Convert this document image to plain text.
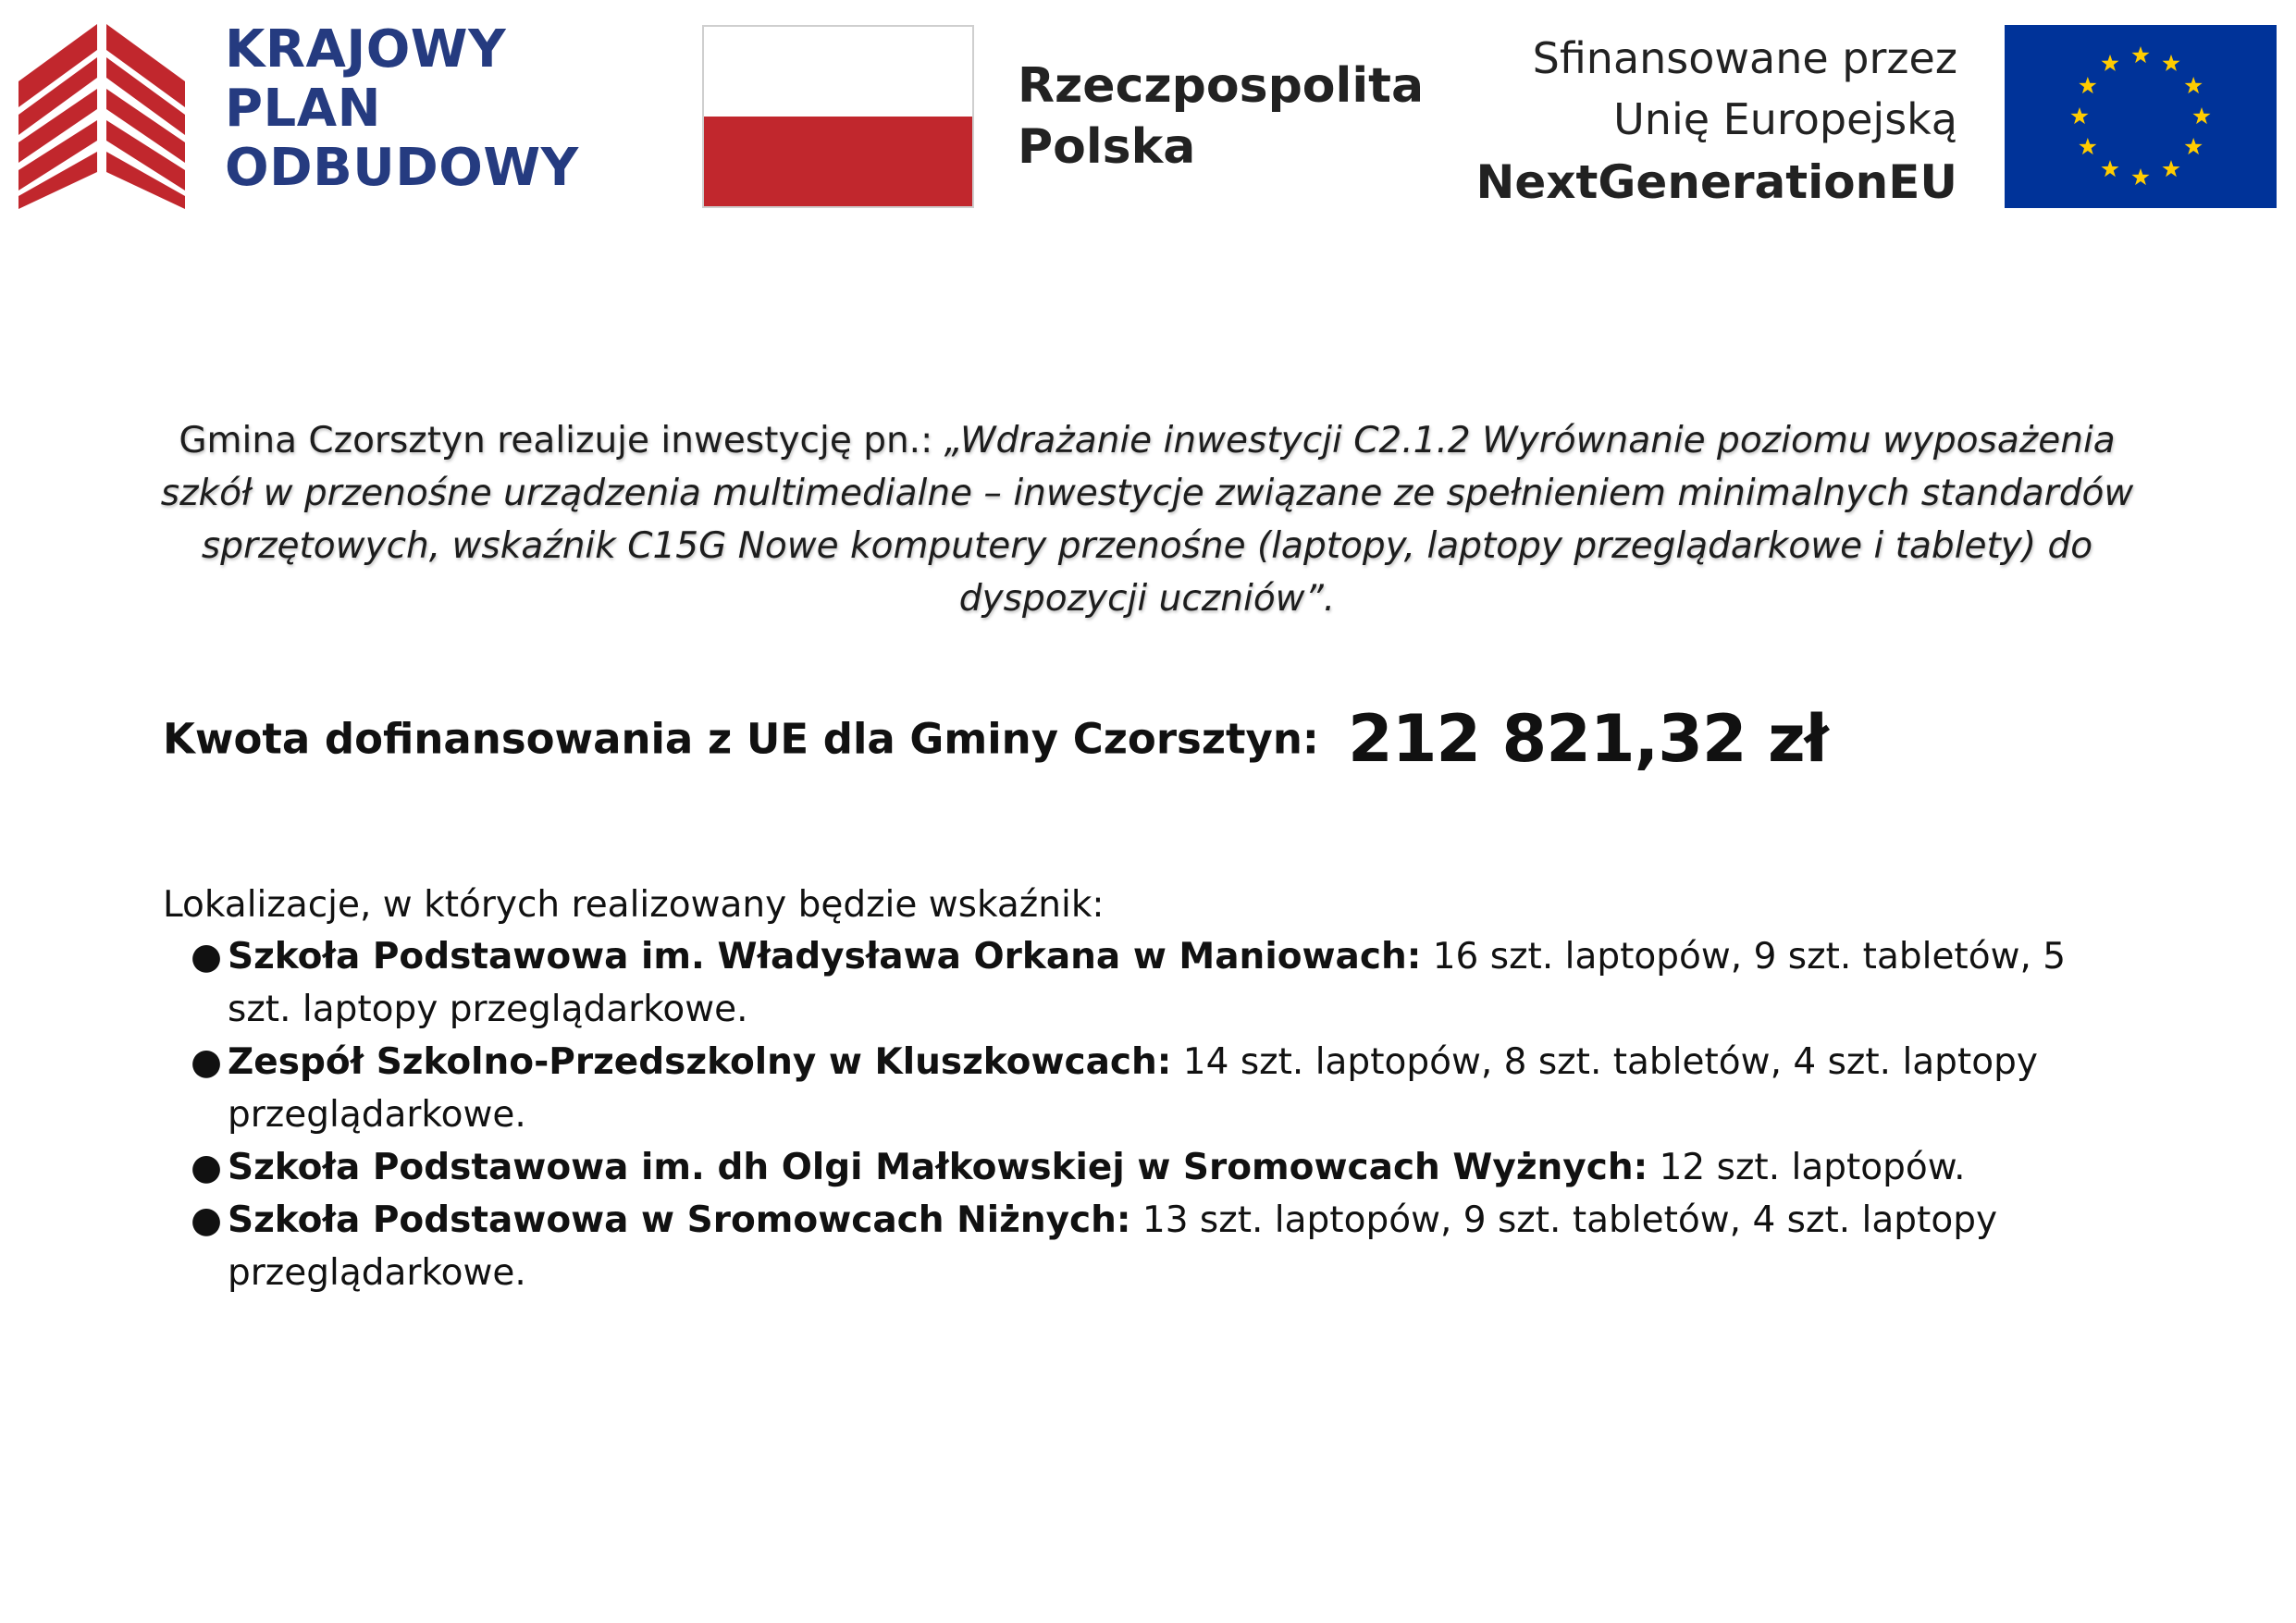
KRAJOWY
PLAN
ODBUDOWY
Rzeczpospolita
Polska
Sfinansowane przez
Unię Europejską
NextGenerationEU
Gmina Czorsztyn realizuje inwestycję pn.: „Wdrażanie inwestycji C2.1.2 Wyrównanie poziomu wyposażenia szkół w przenośne urządzenia multimedialne – inwestycje związane ze spełnieniem minimalnych standardów sprzętowych, wskaźnik C15G Nowe komputery przenośne (laptopy, laptopy przeglądarkowe i tablety) do dyspozycji uczniów”.
Kwota dofinansowania z UE dla Gminy Czorsztyn: 212 821,32 zł
Lokalizacje, w których realizowany będzie wskaźnik:
● Szkoła Podstawowa im. Władysława Orkana w Maniowach: 16 szt. laptopów, 9 szt. tabletów, 5 szt. laptopy przeglądarkowe.
● Zespół Szkolno-Przedszkolny w Kluszkowcach: 14 szt. laptopów, 8 szt. tabletów, 4 szt. laptopy przeglądarkowe.
● Szkoła Podstawowa im. dh Olgi Małkowskiej w Sromowcach Wyżnych: 12 szt. laptopów.
● Szkoła Podstawowa w Sromowcach Niżnych: 13 szt. laptopów, 9 szt. tabletów, 4 szt. laptopy przeglądarkowe.
